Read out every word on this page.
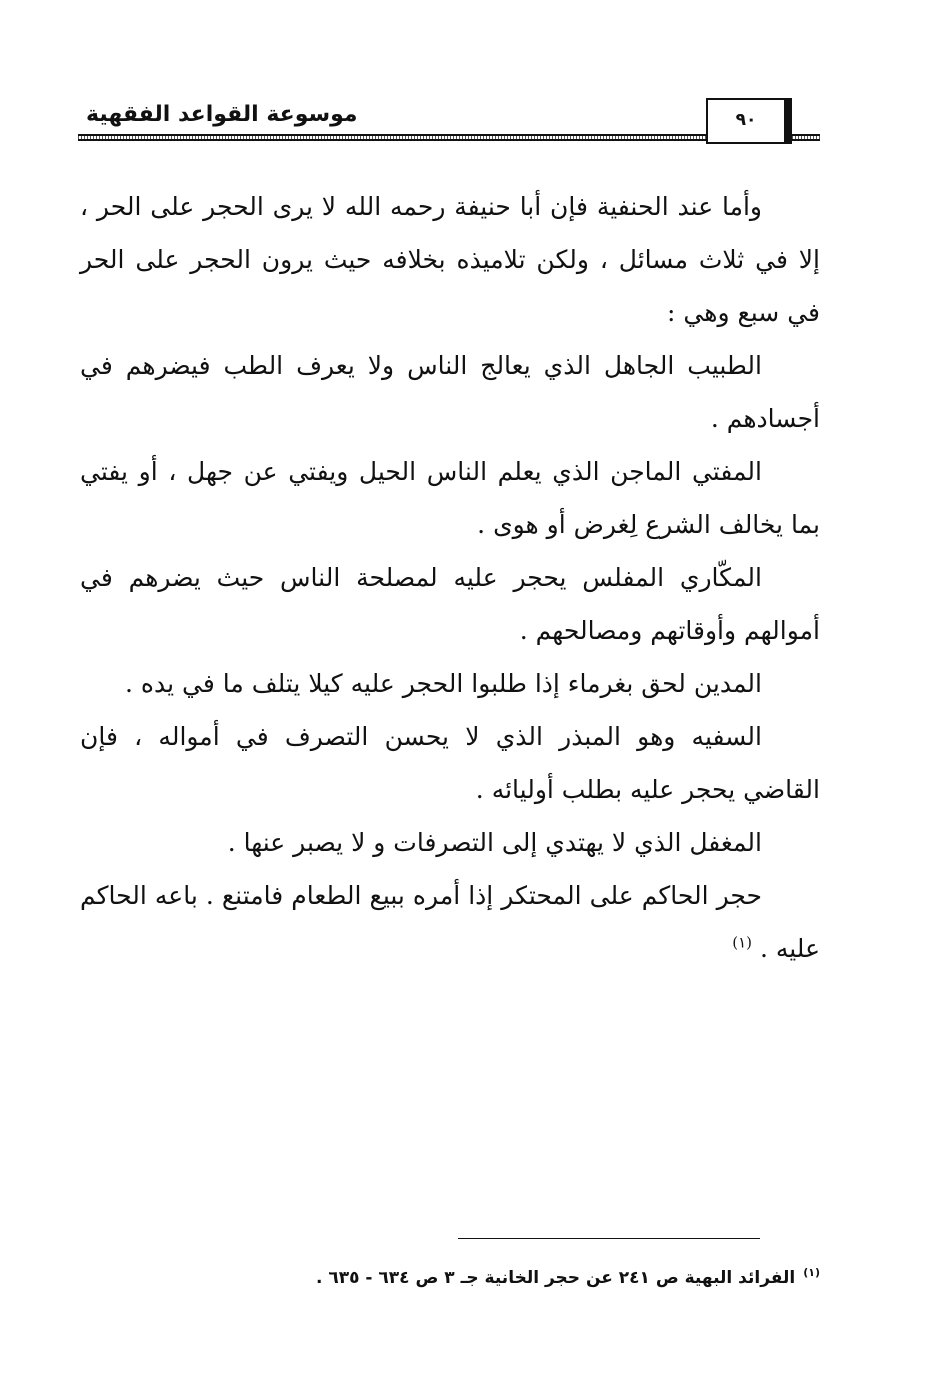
موسوعة القواعد الفقهية	٩٠

وأما عند الحنفية فإن أبا حنيفة رحمه الله لا يرى الحجر على الحر ، إلا في ثلاث مسائل ، ولكن تلاميذه بخلافه حيث يرون الحجر على الحر في سبع وهي :

الطبيب الجاهل الذي يعالج الناس ولا يعرف الطب فيضرهم في أجسادهم .

المفتي الماجن الذي يعلم الناس الحيل ويفتي عن جهل ، أو يفتي بما يخالف الشرع لِغرض أو هوى .

المكّاري المفلس يحجر عليه لمصلحة الناس حيث يضرهم في أموالهم وأوقاتهم ومصالحهم .

المدين لحق بغرماء إذا طلبوا الحجر عليه كيلا يتلف ما في يده .

السفيه وهو المبذر الذي لا يحسن التصرف في أمواله ، فإن القاضي يحجر عليه بطلب أوليائه .

المغفل الذي لا يهتدي إلى التصرفات و لا يصبر عنها .

حجر الحاكم على المحتكر إذا أمره ببيع الطعام فامتنع . باعه الحاكم عليه . $^{(١)}$

$^{(١)}$الفرائد البهية ص ٢٤١ عن حجر الخانية جـ ٣ ص ٦٣٤ - ٦٣٥ .
